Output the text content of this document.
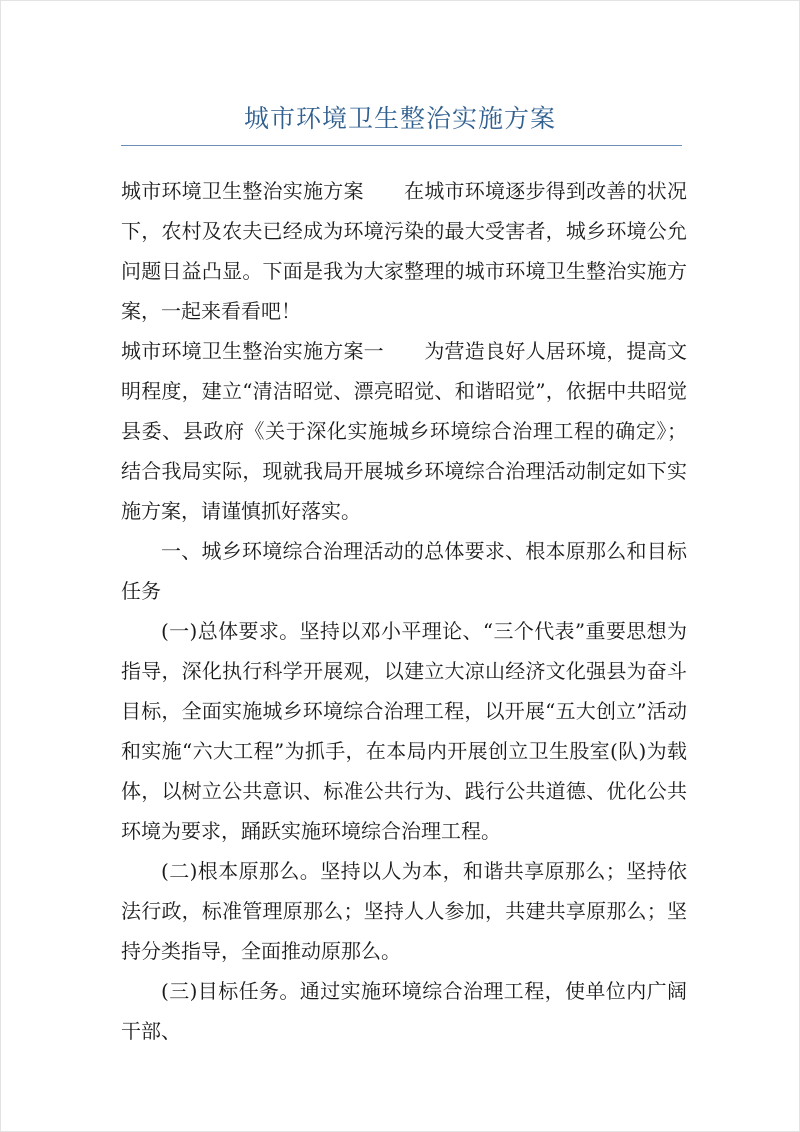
城市环境卫生整治实施方案

城市环境卫生整治实施方案　　在城市环境逐步得到改善的状况下，农村及农夫已经成为环境污染的最大受害者，城乡环境公允问题日益凸显。下面是我为大家整理的城市环境卫生整治实施方案，一起来看看吧！

城市环境卫生整治实施方案一　　为营造良好人居环境，提高文明程度，建立“清洁昭觉、漂亮昭觉、和谐昭觉”，依据中共昭觉县委、县政府《关于深化实施城乡环境综合治理工程的确定》；结合我局实际，现就我局开展城乡环境综合治理活动制定如下实施方案，请谨慎抓好落实。

一、城乡环境综合治理活动的总体要求、根本原那么和目标任务

(一)总体要求。坚持以邓小平理论、“三个代表”重要思想为指导，深化执行科学开展观，以建立大凉山经济文化强县为奋斗目标，全面实施城乡环境综合治理工程，以开展“五大创立”活动和实施“六大工程”为抓手，在本局内开展创立卫生股室(队)为载体，以树立公共意识、标准公共行为、践行公共道德、优化公共环境为要求，踊跃实施环境综合治理工程。

(二)根本原那么。坚持以人为本，和谐共享原那么；坚持依法行政，标准管理原那么；坚持人人参加，共建共享原那么；坚持分类指导，全面推动原那么。

(三)目标任务。通过实施环境综合治理工程，使单位内广阔干部、
